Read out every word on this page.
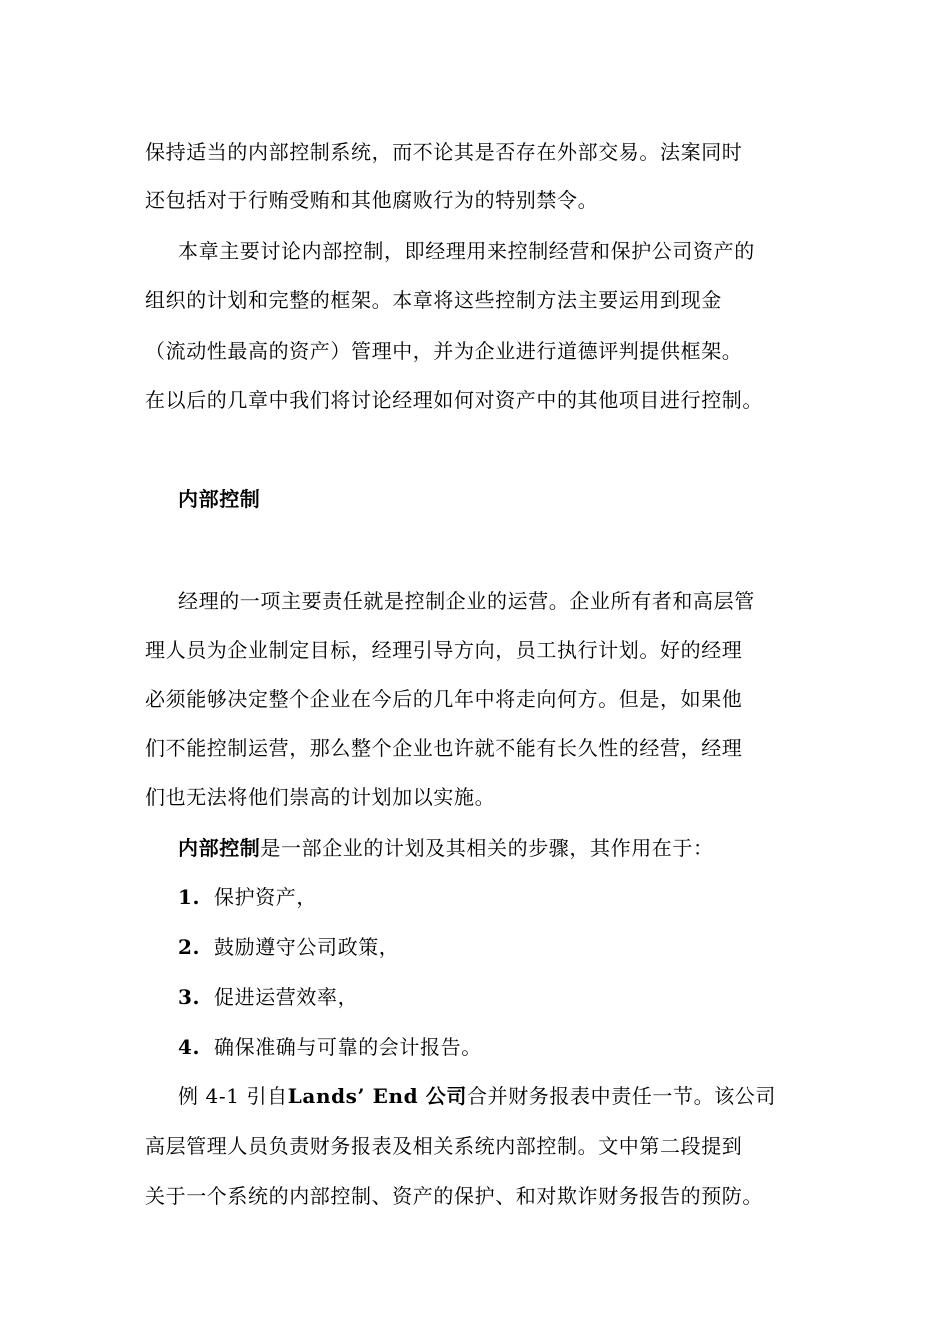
保持适当的内部控制系统，而不论其是否存在外部交易。法案同时
还包括对于行贿受贿和其他腐败行为的特别禁令。
本章主要讨论内部控制，即经理用来控制经营和保护公司资产的
组织的计划和完整的框架。本章将这些控制方法主要运用到现金
（流动性最高的资产）管理中，并为企业进行道德评判提供框架。
在以后的几章中我们将讨论经理如何对资产中的其他项目进行控制。
内部控制
经理的一项主要责任就是控制企业的运营。企业所有者和高层管
理人员为企业制定目标，经理引导方向，员工执行计划。好的经理
必须能够决定整个企业在今后的几年中将走向何方。但是，如果他
们不能控制运营，那么整个企业也许就不能有长久性的经营，经理
们也无法将他们崇高的计划加以实施。
内部控制是一部企业的计划及其相关的步骤，其作用在于：
1. 保护资产，
2. 鼓励遵守公司政策，
3. 促进运营效率，
4. 确保准确与可靠的会计报告。
例 4-1 引自Lands’ End 公司合并财务报表中责任一节。该公司
高层管理人员负责财务报表及相关系统内部控制。文中第二段提到
关于一个系统的内部控制、资产的保护、和对欺诈财务报告的预防。
